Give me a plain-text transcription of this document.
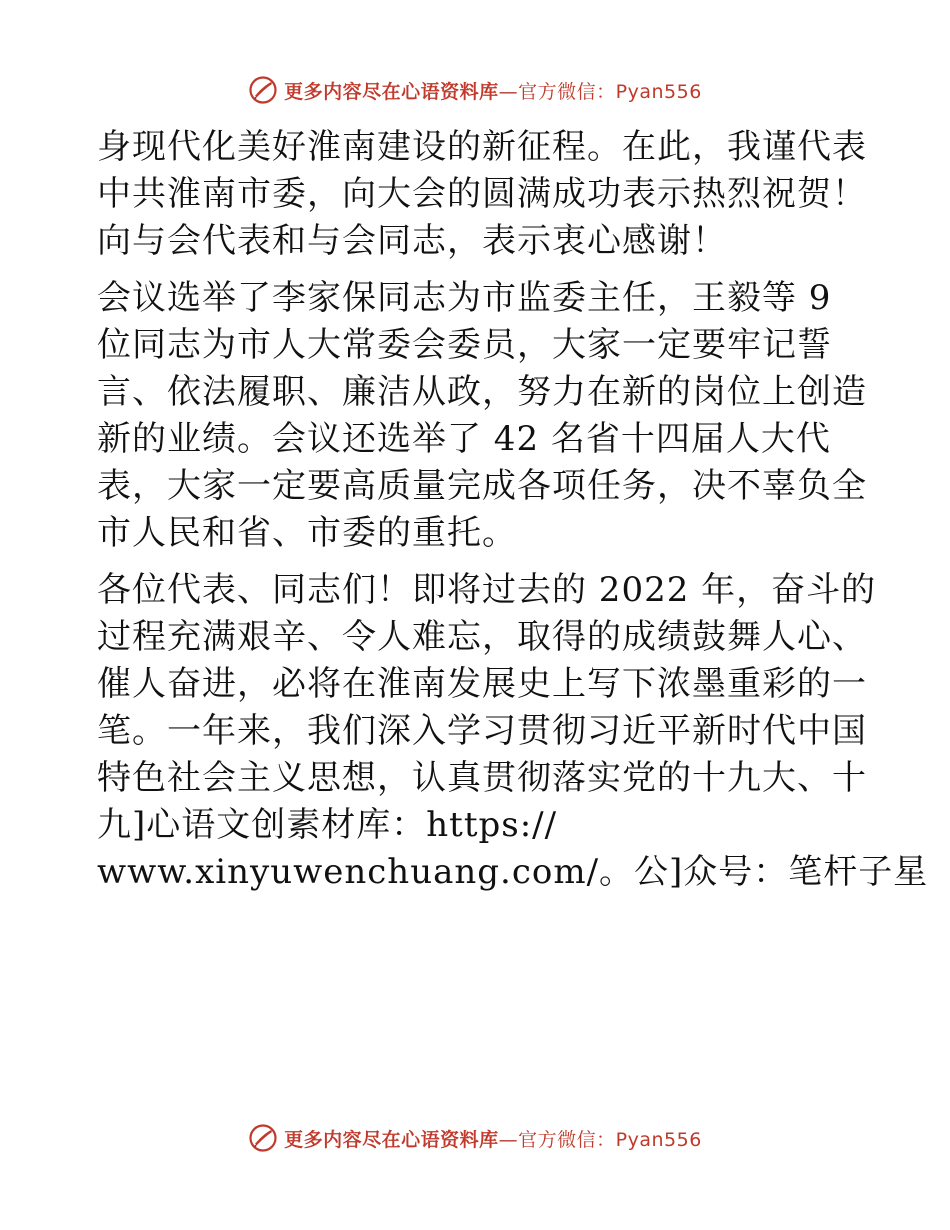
更多内容尽在心语资料库—官方微信：Pyan556
身现代化美好淮南建设的新征程。在此，我谨代表
中共淮南市委，向大会的圆满成功表示热烈祝贺！
向与会代表和与会同志，表示衷心感谢！
会议选举了李家保同志为市监委主任，王毅等 9
位同志为市人大常委会委员，大家一定要牢记誓
言、依法履职、廉洁从政，努力在新的岗位上创造
新的业绩。会议还选举了 42 名省十四届人大代
表，大家一定要高质量完成各项任务，决不辜负全
市人民和省、市委的重托。
各位代表、同志们！即将过去的 2022 年，奋斗的
过程充满艰辛、令人难忘，取得的成绩鼓舞人心、
催人奋进，必将在淮南发展史上写下浓墨重彩的一
笔。一年来，我们深入学习贯彻习近平新时代中国
特色社会主义思想，认真贯彻落实党的十九大、十
九]心语文创素材库：https://
www.xinyuwenchuang.com/。公]众号：笔杆子星
更多内容尽在心语资料库—官方微信：Pyan556
